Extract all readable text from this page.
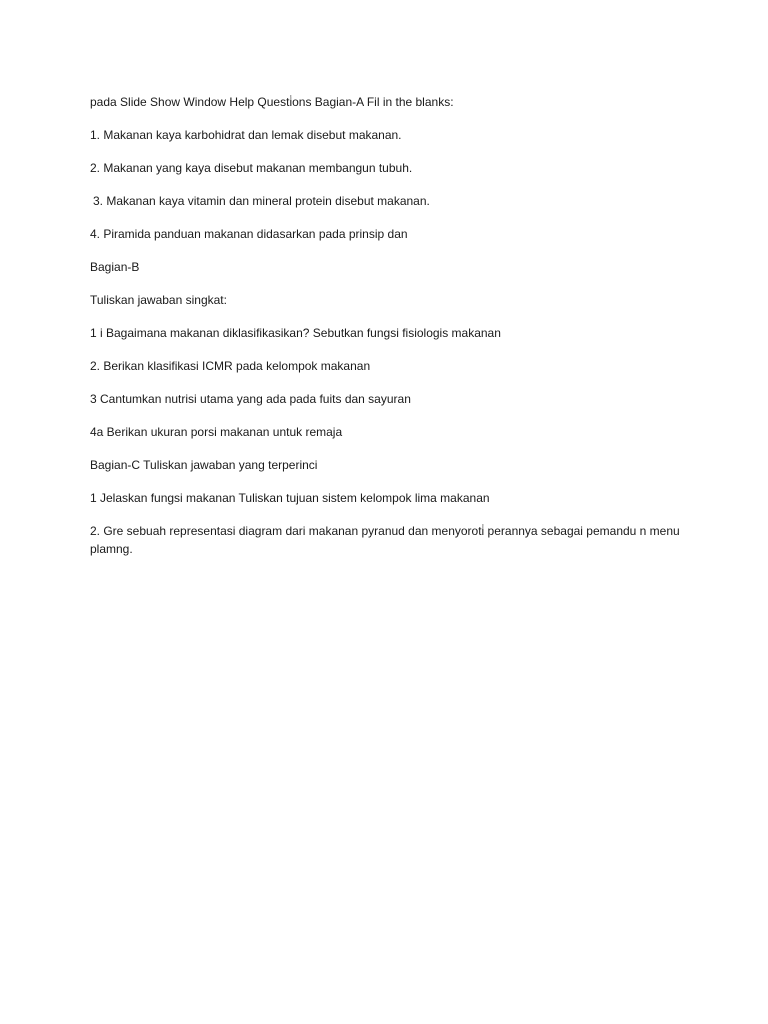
pada Slide Show Window Help Questi̇ons Bagian-A Fil in the blanks:

1. Makanan kaya karbohidrat dan lemak disebut makanan.

2. Makanan yang kaya disebut makanan membangun tubuh.

3. Makanan kaya vitamin dan mineral protein disebut makanan.

4. Piramida panduan makanan didasarkan pada prinsip dan

Bagian-B

Tuliskan jawaban singkat:

1 i Bagaimana makanan diklasifikasikan? Sebutkan fungsi fisiologis makanan

2. Berikan klasifikasi ICMR pada kelompok makanan

3 Cantumkan nutrisi utama yang ada pada fuits dan sayuran

4a Berikan ukuran porsi makanan untuk remaja

Bagian-C Tuliskan jawaban yang terperinci

1 Jelaskan fungsi makanan Tuliskan tujuan sistem kelompok lima makanan

2. Gre sebuah representasi diagram dari makanan pyranud dan menyoroti̇ perannya sebagai pemandu n menu plamng.
